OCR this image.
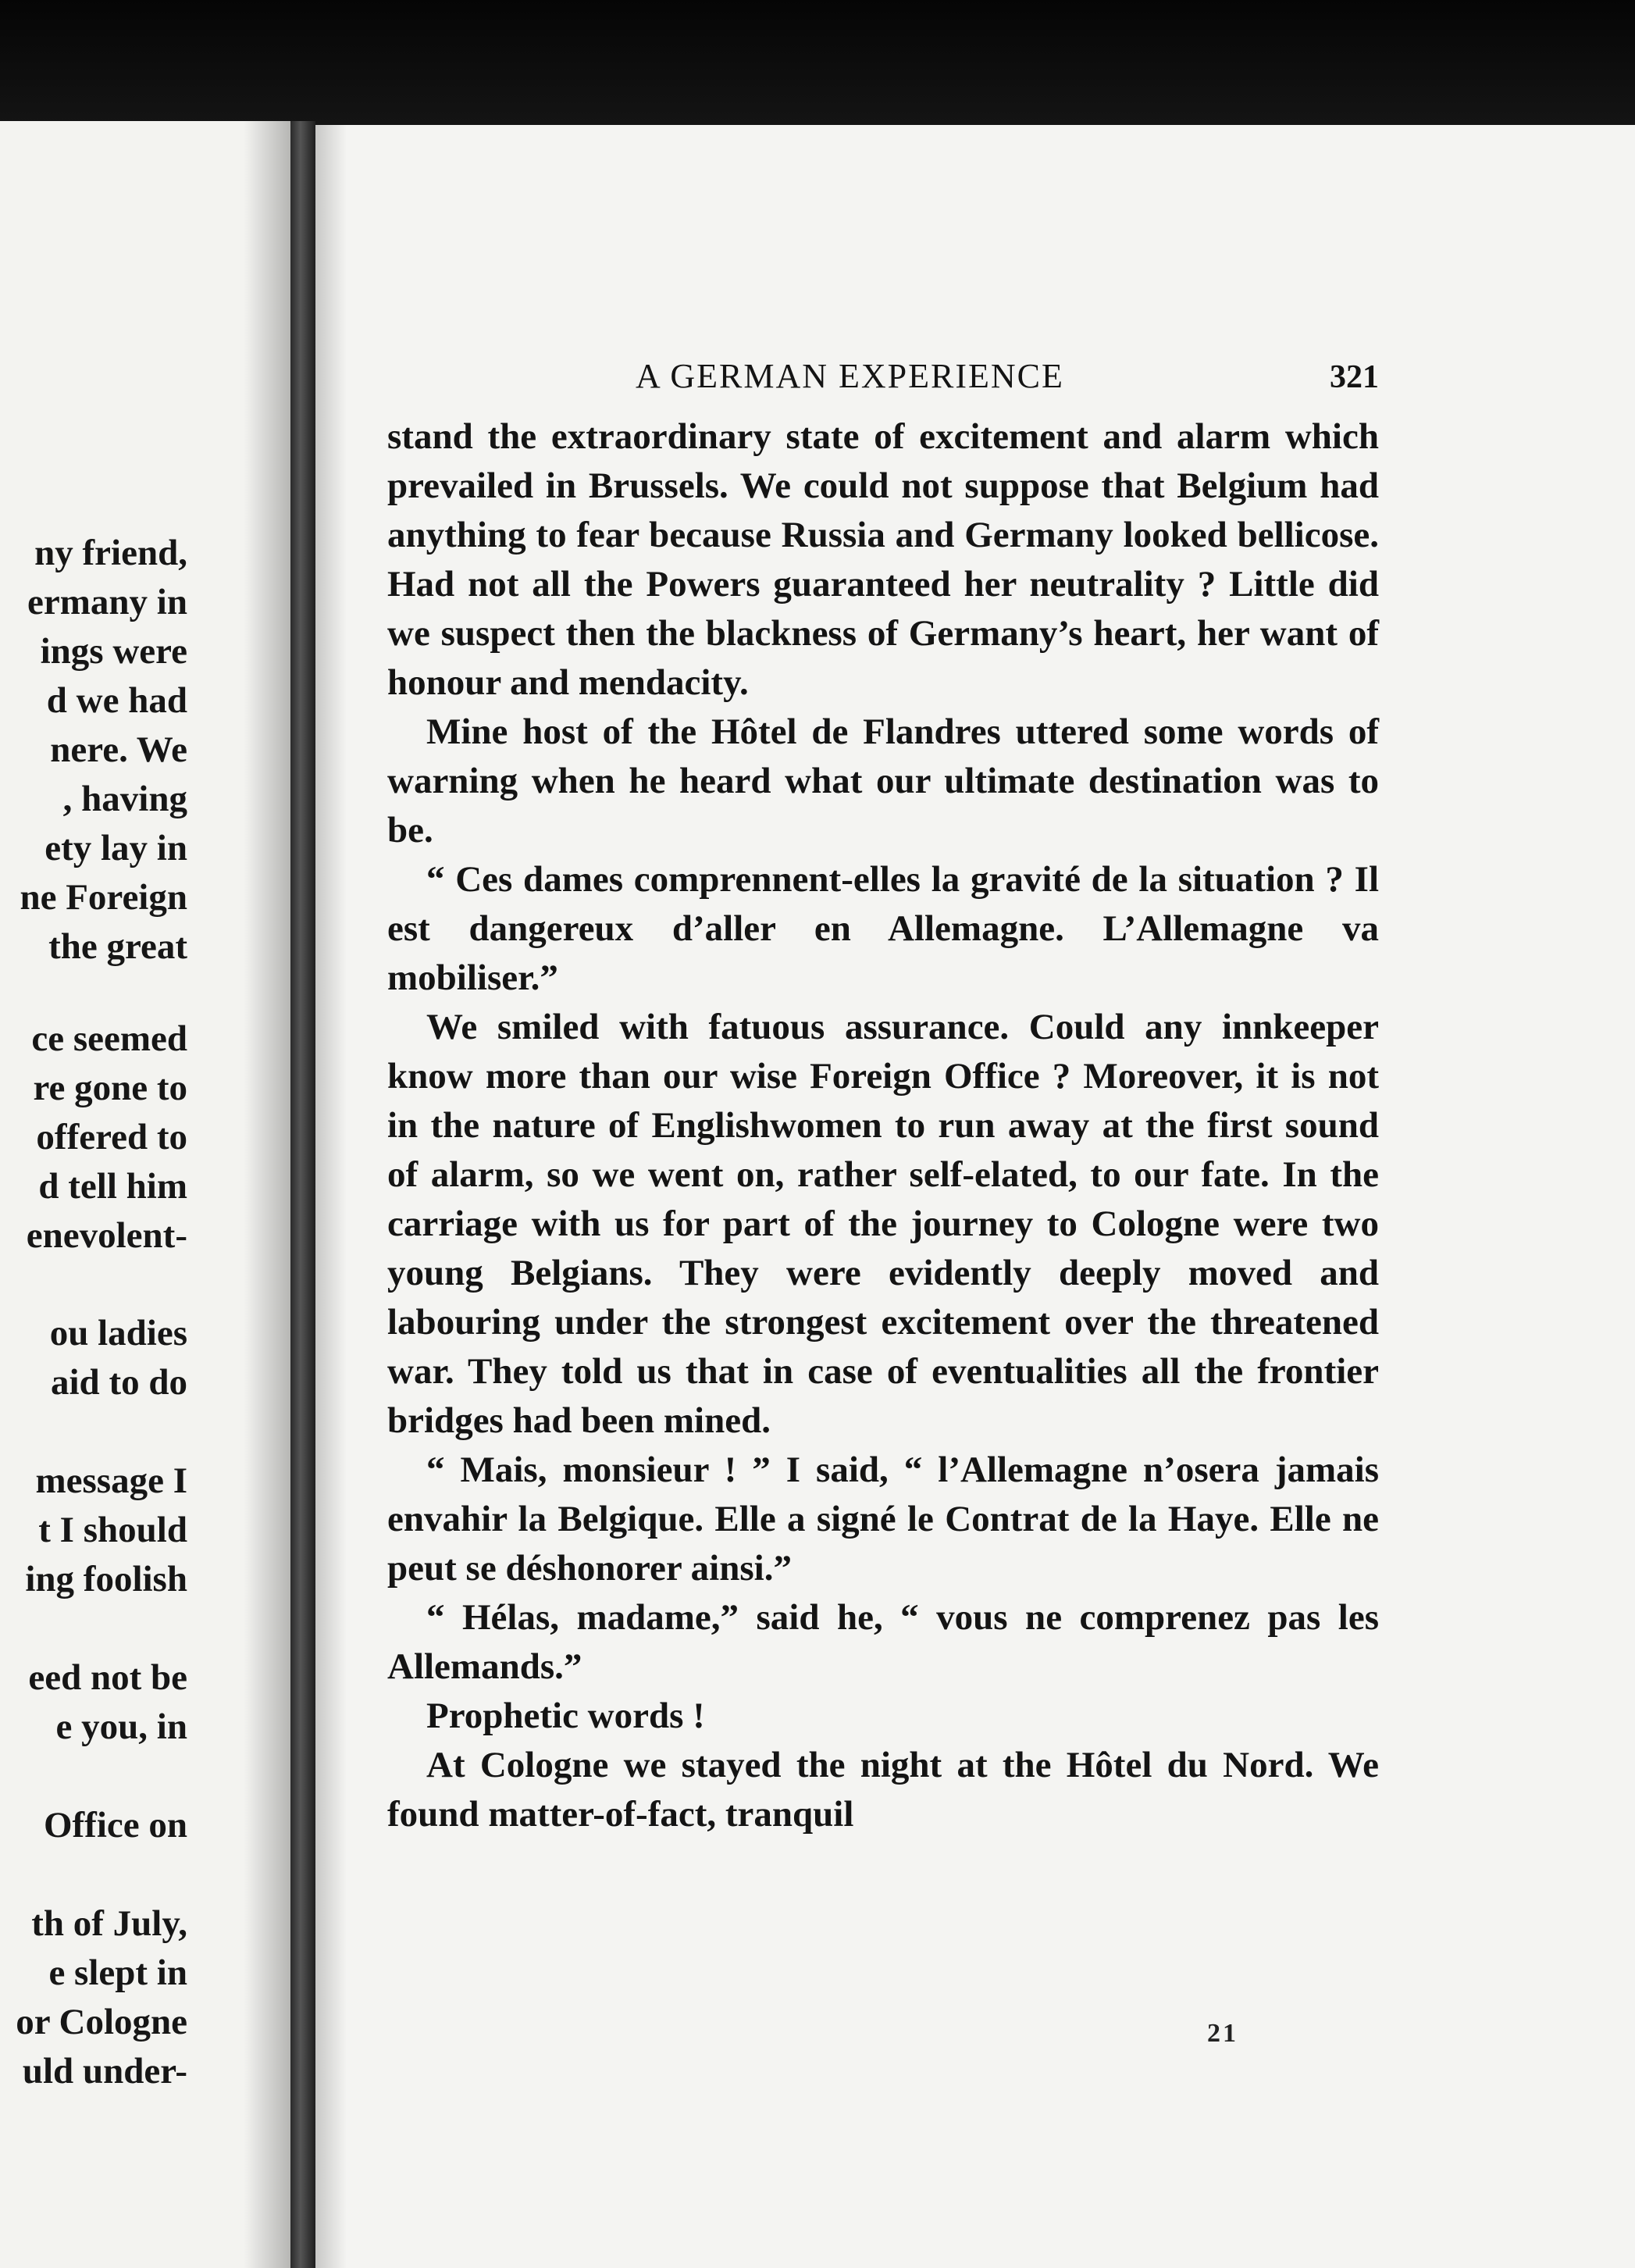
ny friend,

ermany in

ings were

d we had

nere. We

, having

ety lay in

ne Foreign

the great

ce seemed

re gone to

offered to

d tell him

enevolent-

ou ladies

aid to do

message I

t I should

ing foolish

eed not be

e you, in

Office on

th of July,

e slept in

or Cologne

uld under-

A GERMAN EXPERIENCE	321

stand the extraordinary state of excitement and alarm which prevailed in Brussels. We could not suppose that Belgium had anything to fear because Russia and Germany looked bellicose. Had not all the Powers guaranteed her neutrality ? Little did we suspect then the blackness of Germany’s heart, her want of honour and mendacity.

Mine host of the Hôtel de Flandres uttered some words of warning when he heard what our ultimate destination was to be.

“ Ces dames comprennent-elles la gravité de la situation ? Il est dangereux d’aller en Allemagne. L’Allemagne va mobiliser.”

We smiled with fatuous assurance. Could any innkeeper know more than our wise Foreign Office ? Moreover, it is not in the nature of Englishwomen to run away at the first sound of alarm, so we went on, rather self-elated, to our fate. In the carriage with us for part of the journey to Cologne were two young Belgians. They were evidently deeply moved and labouring under the strongest excitement over the threatened war. They told us that in case of eventualities all the frontier bridges had been mined.

“ Mais, monsieur ! ” I said, “ l’Allemagne n’osera jamais envahir la Belgique. Elle a signé le Contrat de la Haye. Elle ne peut se déshonorer ainsi.”

“ Hélas, madame,” said he, “ vous ne comprenez pas les Allemands.”

Prophetic words !

At Cologne we stayed the night at the Hôtel du Nord. We found matter-of-fact, tranquil

21
